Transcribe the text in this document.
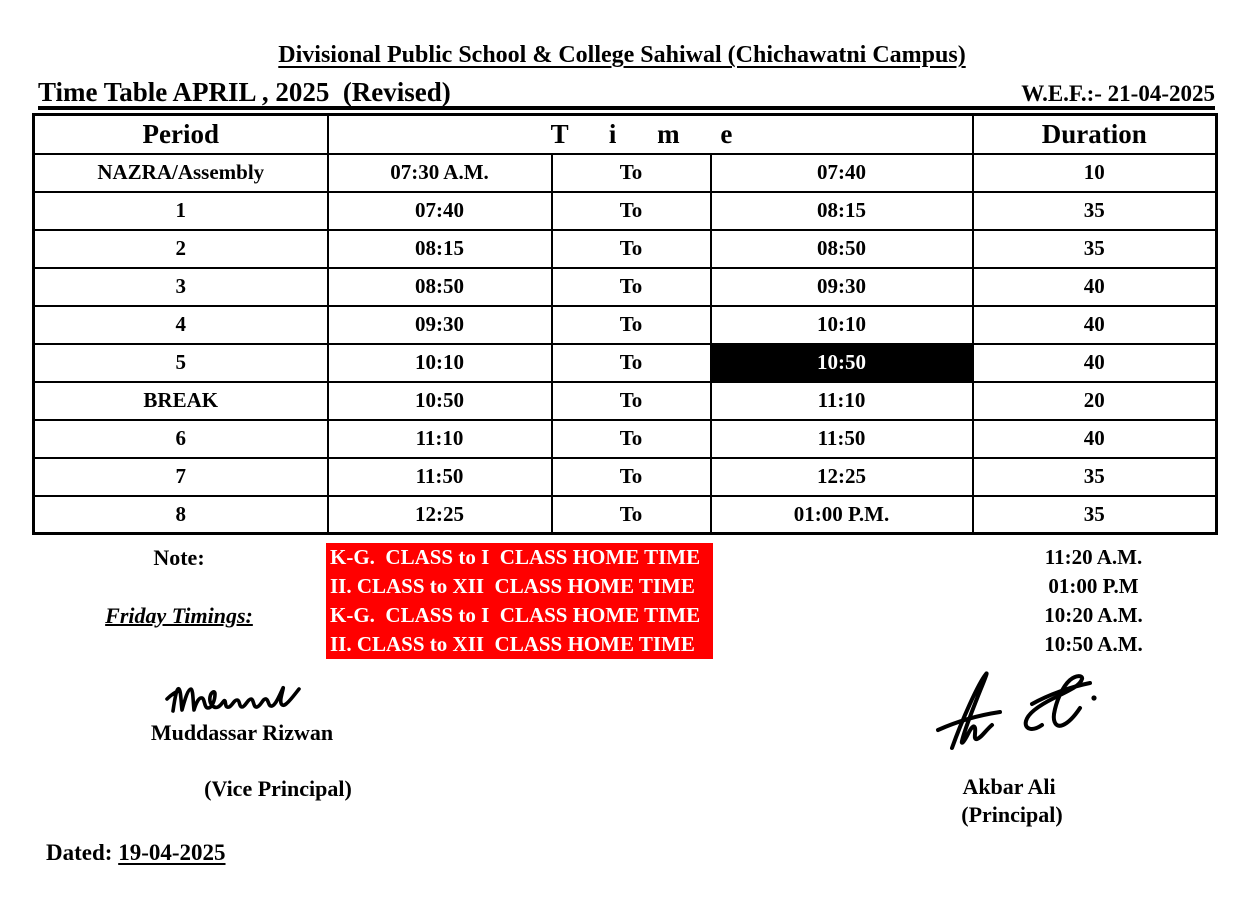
Divisional Public School & College Sahiwal (Chichawatni Campus)
Time Table APRIL , 2025  (Revised)	W.E.F.:- 21-04-2025
Period	T i m e			Duration
NAZRA/Assembly	07:30 A.M.	To	07:40	10
1	07:40	To	08:15	35
2	08:15	To	08:50	35
3	08:50	To	09:30	40
4	09:30	To	10:10	40
5	10:10	To	10:50	40
BREAK	10:50	To	11:10	20
6	11:10	To	11:50	40
7	11:50	To	12:25	35
8	12:25	To	01:00 P.M.	35
Note:	K-G.  CLASS to I  CLASS HOME TIME	11:20 A.M.
II. CLASS to XII  CLASS HOME TIME	01:00 P.M
Friday Timings:	K-G.  CLASS to I  CLASS HOME TIME	10:20 A.M.
II. CLASS to XII  CLASS HOME TIME	10:50 A.M.
Muddassar Rizwan
(Vice Principal)	Akbar Ali
(Principal)
Dated: 19-04-2025
